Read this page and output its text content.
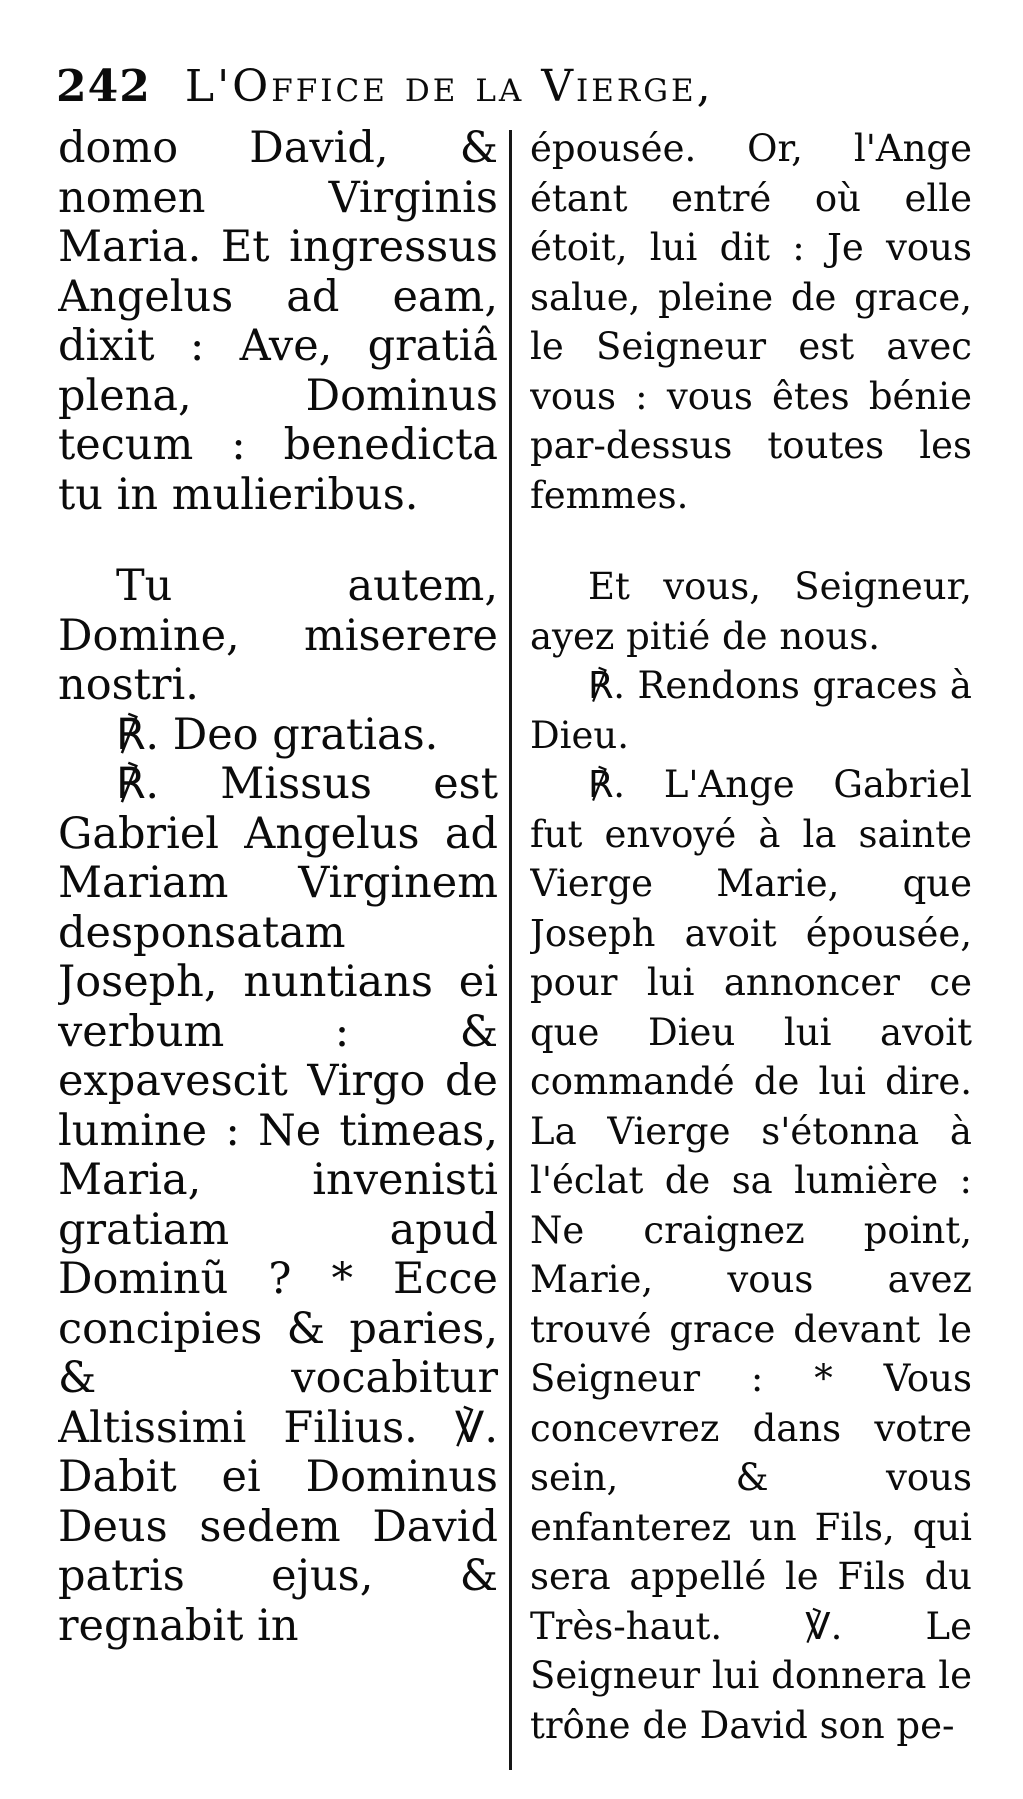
242 L'Office de la Vierge,

domo David, & nomen Virginis Maria. Et ingressus Angelus ad eam, dixit : Ave, gratiâ plena, Dominus tecum : benedicta tu in mulieribus.

Tu autem, Domine, miserere nostri.

℟. Deo gratias.

℟. Missus est Gabriel Angelus ad Mariam Virginem desponsatam Joseph, nuntians ei verbum : & expavescit Virgo de lumine : Ne timeas, Maria, invenisti gratiam apud Dominũ ? * Ecce concipies & paries, & vocabitur Altissimi Filius. ℣. Dabit ei Dominus Deus sedem David patris ejus, & regnabit in

épousée. Or, l'Ange étant entré où elle étoit, lui dit : Je vous salue, pleine de grace, le Seigneur est avec vous : vous êtes bénie par-dessus toutes les femmes.

Et vous, Seigneur, ayez pitié de nous.

℟. Rendons graces à Dieu.

℟. L'Ange Gabriel fut envoyé à la sainte Vierge Marie, que Joseph avoit épousée, pour lui annoncer ce que Dieu lui avoit commandé de lui dire. La Vierge s'étonna à l'éclat de sa lumière : Ne craignez point, Marie, vous avez trouvé grace devant le Seigneur : * Vous concevrez dans votre sein, & vous enfanterez un Fils, qui sera appellé le Fils du Très-haut. ℣. Le Seigneur lui donnera le trône de David son pe-
